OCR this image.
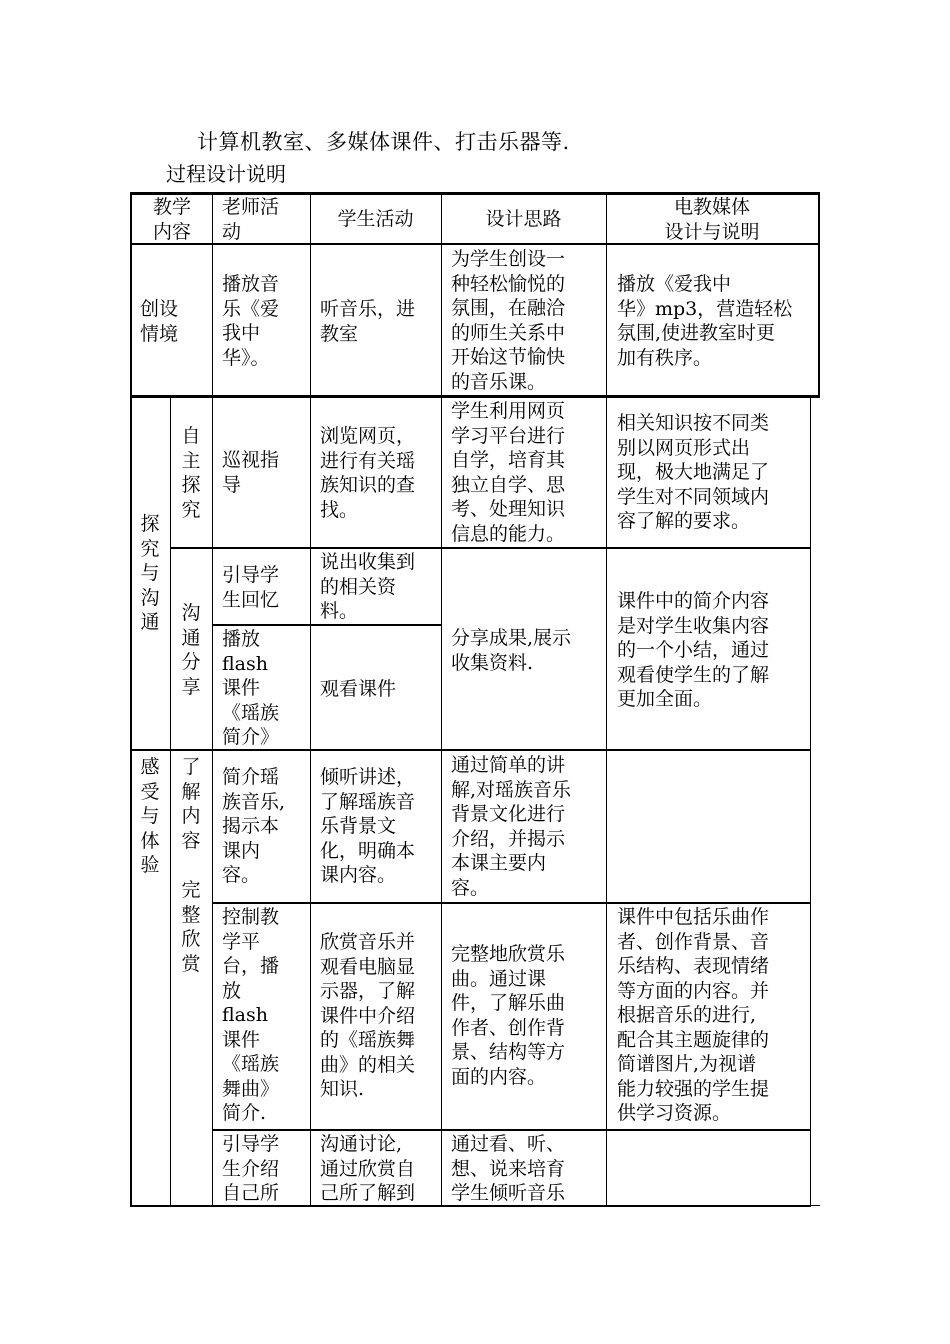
计算机教室、多媒体课件、打击乐器等.
过程设计说明
教学
内容
老师活
动
学生活动	设计思路
电教媒体
设计与说明
创设
情境
播放音
乐《爱
我中
华》。
听音乐，进
教室
为学生创设一
种轻松愉悦的
氛围，在融洽
的师生关系中
开始这节愉快
的音乐课。
播放《爱我中
华》mp3，营造轻松
氛围,使进教室时更
加有秩序。
探究与沟通
自主探究
巡视指
导
浏览网页，
进行有关瑶
族知识的查
找。
学生利用网页
学习平台进行
自学，培育其
独立自学、思
考、处理知识
信息的能力。
相关知识按不同类
别以网页形式出
现，极大地满足了
学生对不同领域内
容了解的要求。
沟通分享
引导学
生回忆
说出收集到
的相关资
料。
播放
flash
课件
《瑶族
简介》
观看课件
分享成果,展示
收集资料.
课件中的简介内容
是对学生收集内容
的一个小结，通过
观看使学生的了解
更加全面。
感受与体验
了解内容
完整欣赏
简介瑶
族音乐,
揭示本
课内
容。
倾听讲述，
了解瑶族音
乐背景文
化，明确本
课内容。
通过简单的讲
解,对瑶族音乐
背景文化进行
介绍，并揭示
本课主要内
容。
控制教
学平
台，播
放
flash
课件
《瑶族
舞曲》
简介.
欣赏音乐并
观看电脑显
示器，了解
课件中介绍
的《瑶族舞
曲》的相关
知识.
完整地欣赏乐
曲。通过课
件，了解乐曲
作者、创作背
景、结构等方
面的内容。
课件中包括乐曲作
者、创作背景、音
乐结构、表现情绪
等方面的内容。并
根据音乐的进行,
配合其主题旋律的
简谱图片,为视谱
能力较强的学生提
供学习资源。
引导学
生介绍
自己所
沟通讨论,
通过欣赏自
己所了解到
通过看、听、
想、说来培育
学生倾听音乐
